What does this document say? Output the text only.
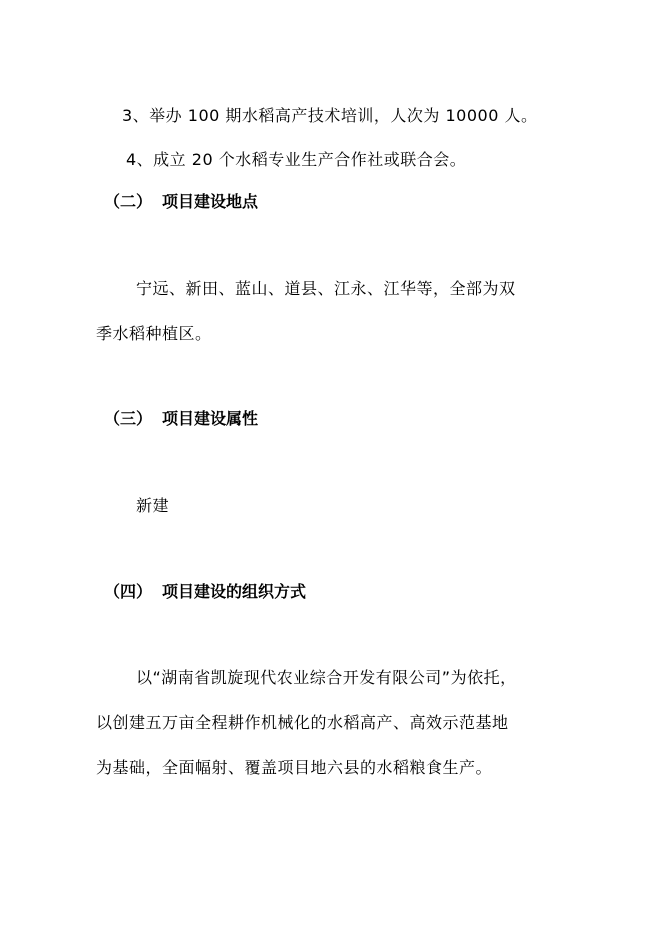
3、举办 100 期水稻高产技术培训，人次为 10000 人。
4、成立 20 个水稻专业生产合作社或联合会。
（二） 项目建设地点
宁远、新田、蓝山、道县、江永、江华等，全部为双
季水稻种植区。
（三） 项目建设属性
新建
（四） 项目建设的组织方式
以“湖南省凯旋现代农业综合开发有限公司”为依托，
以创建五万亩全程耕作机械化的水稻高产、高效示范基地
为基础，全面幅射、覆盖项目地六县的水稻粮食生产。
